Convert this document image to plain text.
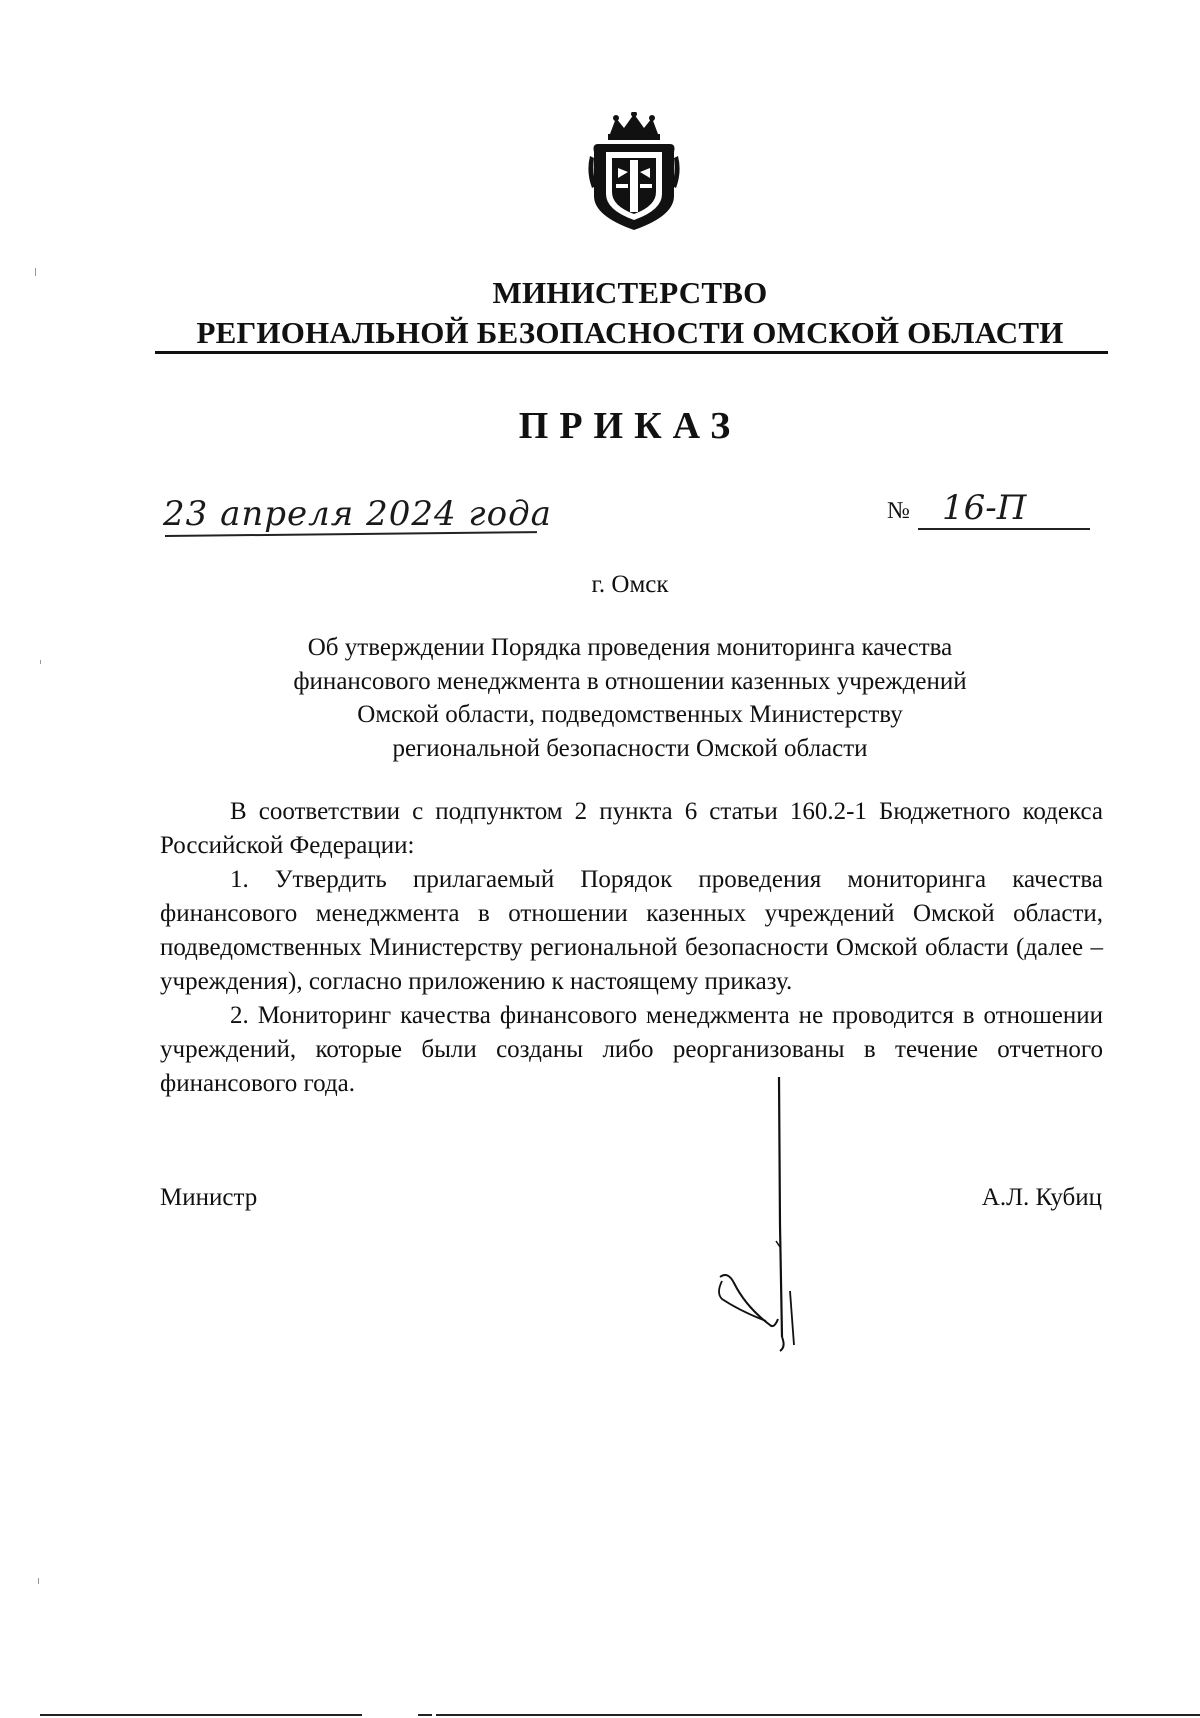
МИНИСТЕРСТВО
РЕГИОНАЛЬНОЙ БЕЗОПАСНОСТИ ОМСКОЙ ОБЛАСТИ
ПРИКАЗ
23 апреля 2024 года	№ 16-П
г. Омск
Об утверждении Порядка проведения мониторинга качества
финансового менеджмента в отношении казенных учреждений
Омской области, подведомственных Министерству
региональной безопасности Омской области

В соответствии с подпунктом 2 пункта 6 статьи 160.2-1 Бюджетного кодекса Российской Федерации:

1. Утвердить прилагаемый Порядок проведения мониторинга качества финансового менеджмента в отношении казенных учреждений Омской области, подведомственных Министерству региональной безопасности Омской области (далее – учреждения), согласно приложению к настоящему приказу.

2. Мониторинг качества финансового менеджмента не проводится в отношении учреждений, которые были созданы либо реорганизованы в течение отчетного финансового года.

Министр	А.Л. Кубиц
